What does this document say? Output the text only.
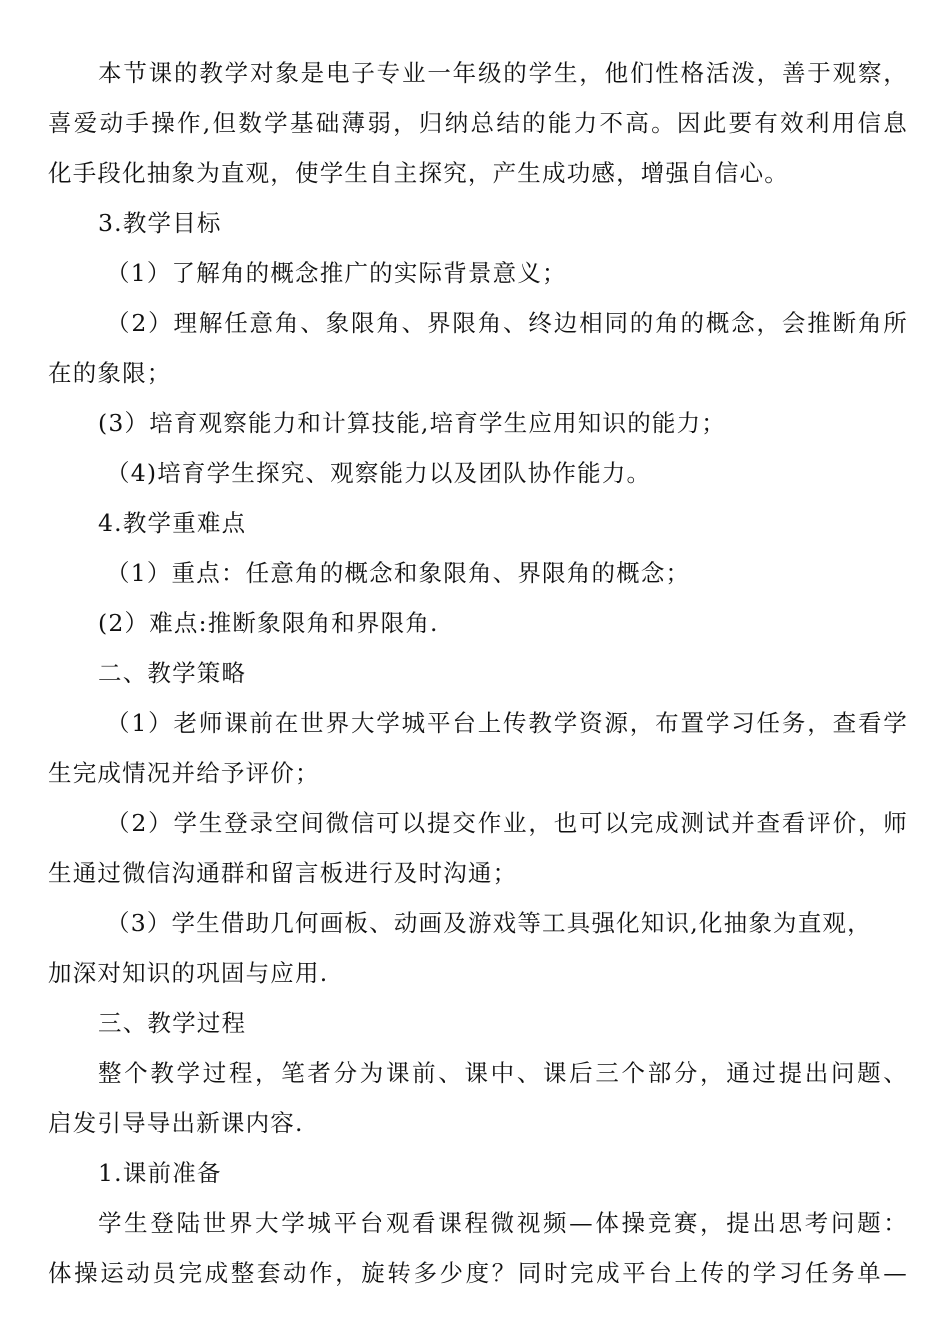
本节课的教学对象是电子专业一年级的学生，他们性格活泼，善于观察，
喜爱动手操作,但数学基础薄弱，归纳总结的能力不高。因此要有效利用信息
化手段化抽象为直观，使学生自主探究，产生成功感，增强自信心。
3.教学目标
（1）了解角的概念推广的实际背景意义；
（2）理解任意角、象限角、界限角、终边相同的角的概念，会推断角所
在的象限；
(3）培育观察能力和计算技能,培育学生应用知识的能力；
（4)培育学生探究、观察能力以及团队协作能力。
4.教学重难点
（1）重点：任意角的概念和象限角、界限角的概念；
(2）难点:推断象限角和界限角.
二、教学策略
（1）老师课前在世界大学城平台上传教学资源，布置学习任务，查看学
生完成情况并给予评价；
（2）学生登录空间微信可以提交作业，也可以完成测试并查看评价，师
生通过微信沟通群和留言板进行及时沟通；
（3）学生借助几何画板、动画及游戏等工具强化知识,化抽象为直观，
加深对知识的巩固与应用.
三、教学过程
整个教学过程，笔者分为课前、课中、课后三个部分，通过提出问题、
启发引导导出新课内容.
1.课前准备
学生登陆世界大学城平台观看课程微视频—体操竞赛，提出思考问题：
体操运动员完成整套动作，旋转多少度？同时完成平台上传的学习任务单—
